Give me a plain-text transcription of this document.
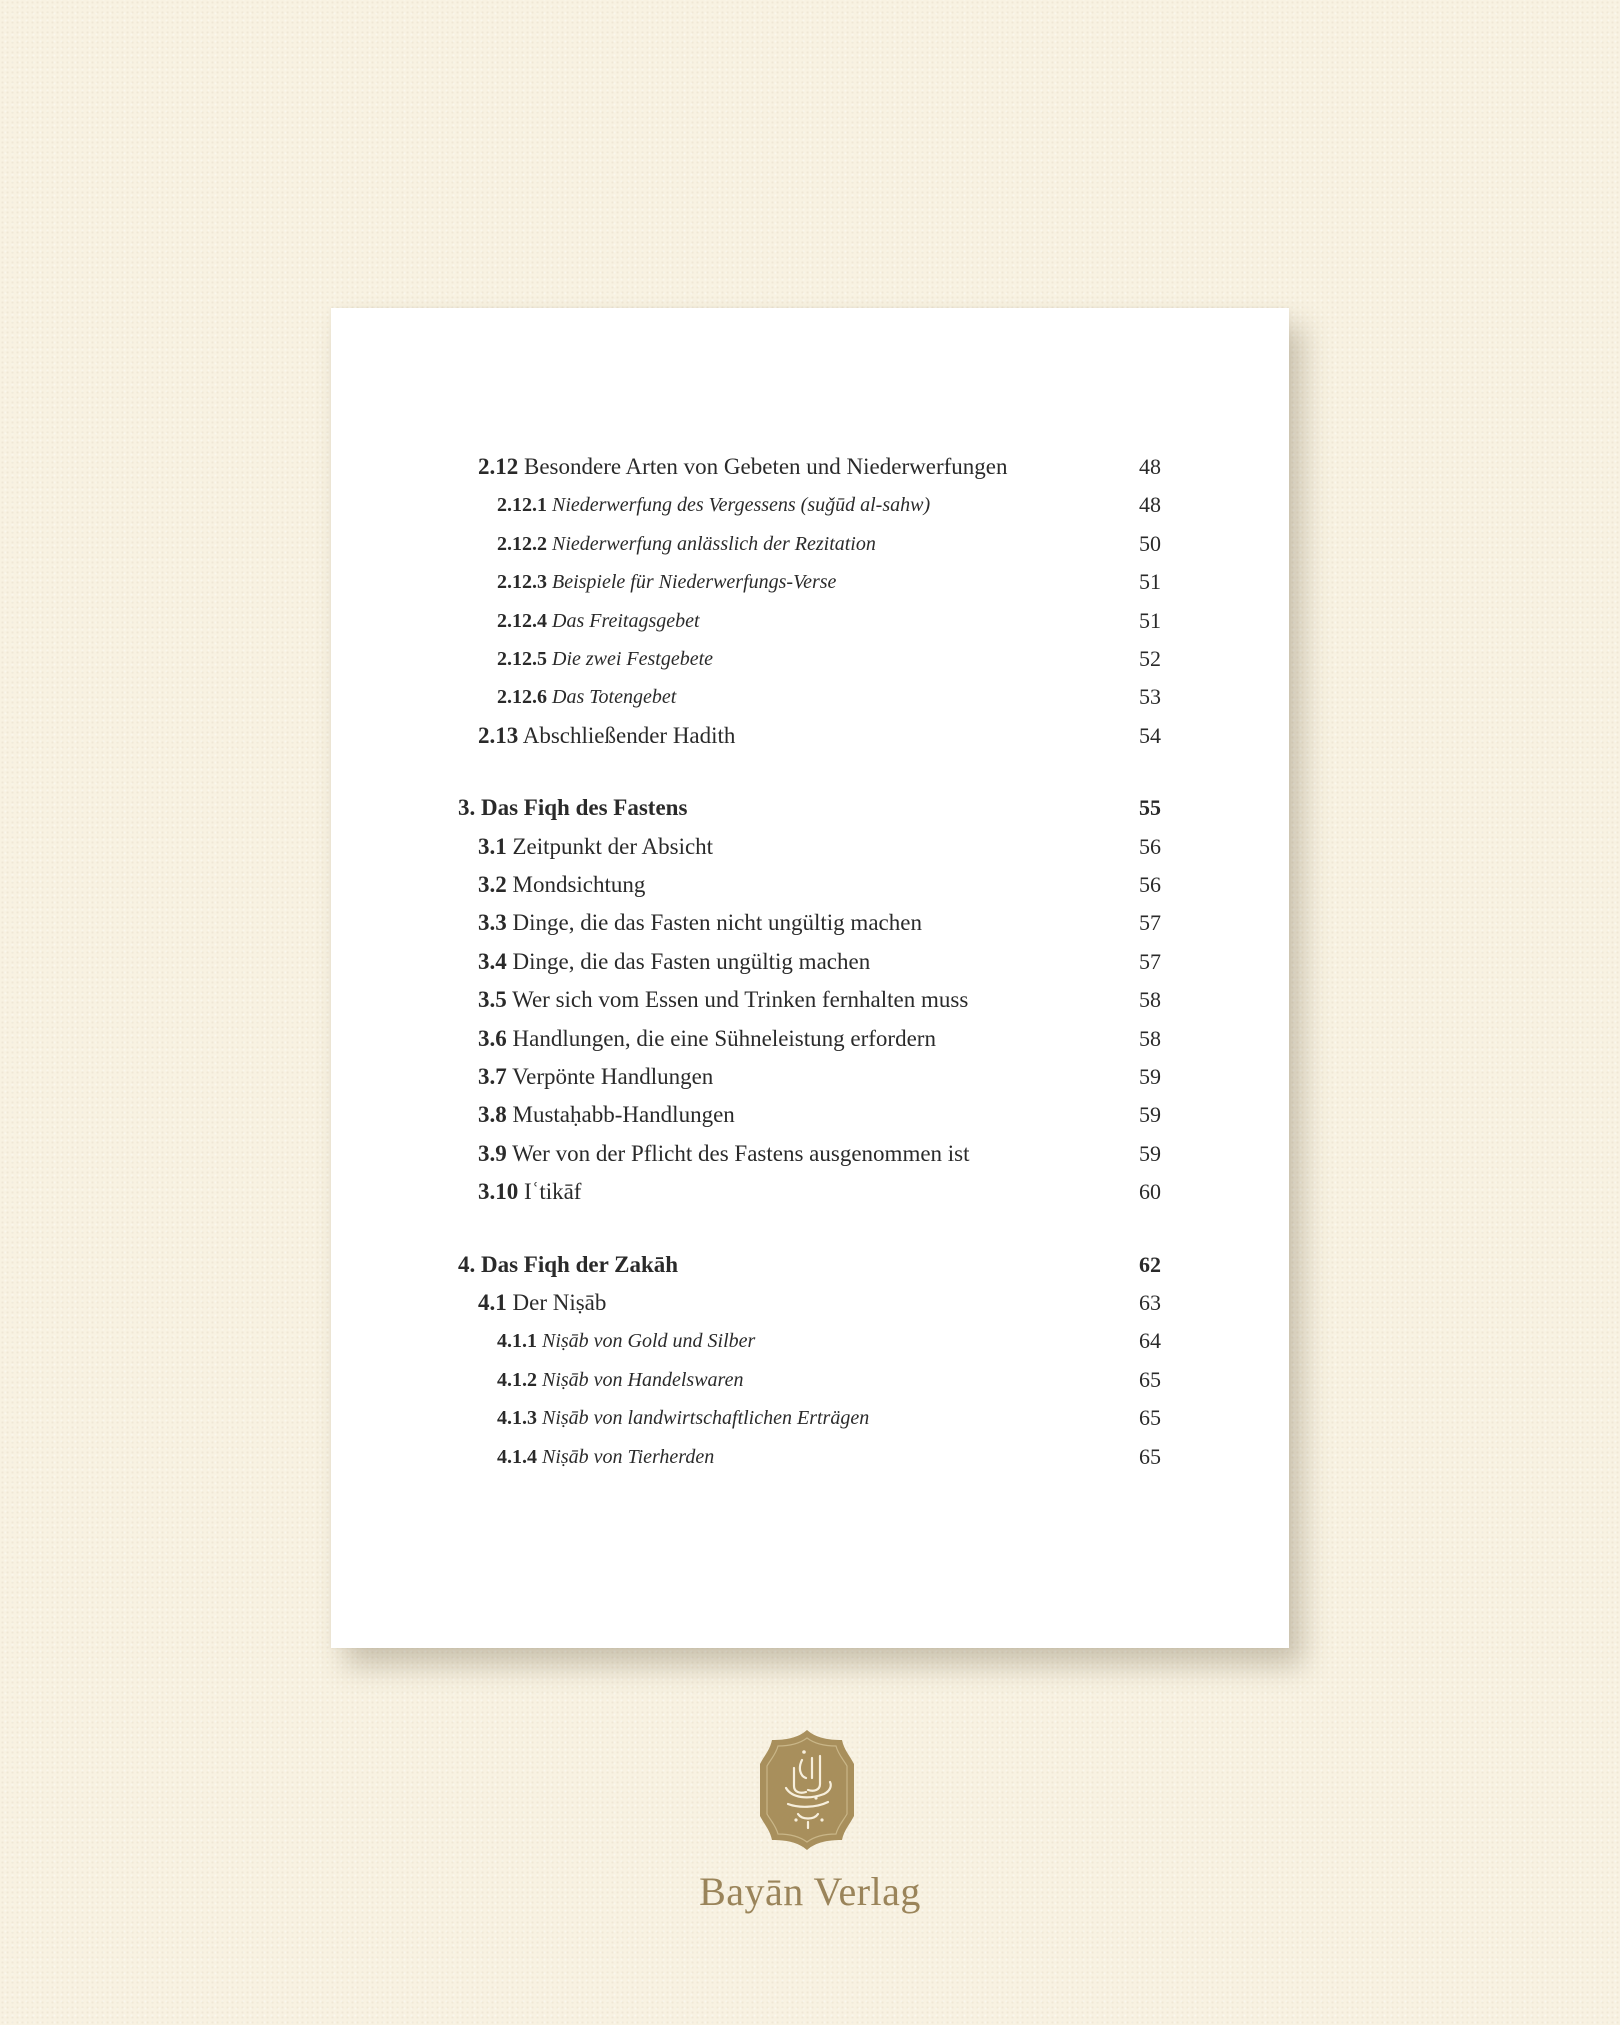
2.12 Besondere Arten von Gebeten und Niederwerfungen	48
2.12.1 Niederwerfung des Vergessens (suǧūd al-sahw)	48
2.12.2 Niederwerfung anlässlich der Rezitation	50
2.12.3 Beispiele für Niederwerfungs-Verse	51
2.12.4 Das Freitagsgebet	51
2.12.5 Die zwei Festgebete	52
2.12.6 Das Totengebet	53
2.13 Abschließender Hadith	54
3. Das Fiqh des Fastens	55
3.1 Zeitpunkt der Absicht	56
3.2 Mondsichtung	56
3.3 Dinge, die das Fasten nicht ungültig machen	57
3.4 Dinge, die das Fasten ungültig machen	57
3.5 Wer sich vom Essen und Trinken fernhalten muss	58
3.6 Handlungen, die eine Sühneleistung erfordern	58
3.7 Verpönte Handlungen	59
3.8 Mustaḥabb-Handlungen	59
3.9 Wer von der Pflicht des Fastens ausgenommen ist	59
3.10 Iʿtikāf	60
4. Das Fiqh der Zakāh	62
4.1 Der Niṣāb	63
4.1.1 Niṣāb von Gold und Silber	64
4.1.2 Niṣāb von Handelswaren	65
4.1.3 Niṣāb von landwirtschaftlichen Erträgen	65
4.1.4 Niṣāb von Tierherden	65
Bayān Verlag
